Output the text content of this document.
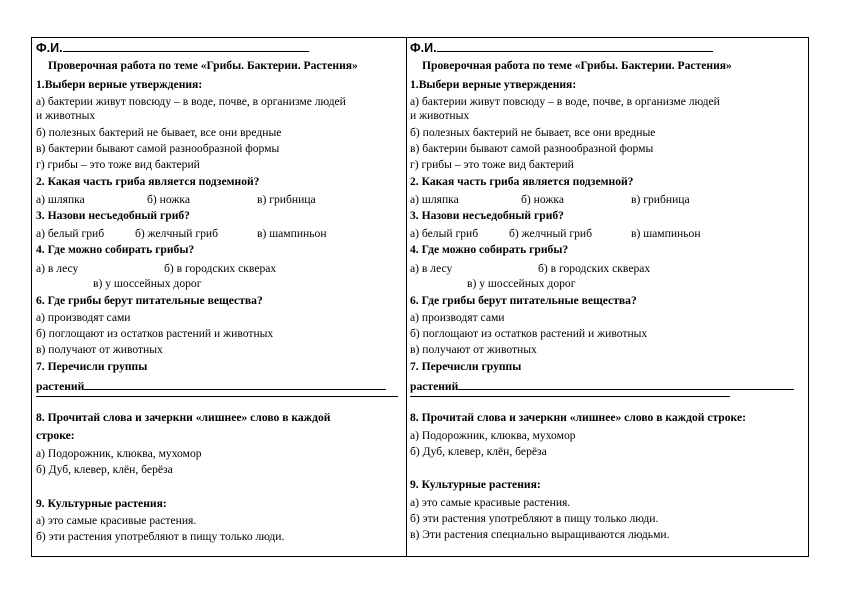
Ф.И.
Проверочная работа по теме «Грибы. Бактерии. Растения»
1.Выбери верные утверждения:
а) бактерии живут повсюду – в воде, почве, в организме людей
и животных
б) полезных бактерий не бывает, все они вредные
в) бактерии бывают самой разнообразной формы
г) грибы – это тоже вид бактерий
2. Какая часть гриба является подземной?
а) шляпка	б) ножка	в) грибница
3. Назови несъедобный гриб?
а) белый гриб	б) желчный гриб	в) шампиньон
4. Где можно собирать грибы?
а) в лесу	б) в городских скверах
в) у шоссейных дорог
6. Где грибы берут питательные вещества?
а) производят сами
б) поглощают из остатков растений и животных
в) получают от животных
7. Перечисли группы
растений
8. Прочитай слова и зачеркни «лишнее» слово в каждой
строке:
а) Подорожник, клюква, мухомор
б) Дуб, клевер, клён, берёза
9. Культурные растения:
а) это самые красивые растения.
б) эти растения употребляют в пищу только люди.
Ф.И.
Проверочная работа по теме «Грибы. Бактерии. Растения»
1.Выбери верные утверждения:
а) бактерии живут повсюду – в воде, почве, в организме людей
и животных
б) полезных бактерий не бывает, все они вредные
в) бактерии бывают самой разнообразной формы
г) грибы – это тоже вид бактерий
2. Какая часть гриба является подземной?
а) шляпка	б) ножка	в) грибница
3. Назови несъедобный гриб?
а) белый гриб	б) желчный гриб	в) шампиньон
4. Где можно собирать грибы?
а) в лесу	б) в городских скверах
в) у шоссейных дорог
6. Где грибы берут питательные вещества?
а) производят сами
б) поглощают из остатков растений и животных
в) получают от животных
7. Перечисли группы
растений
8. Прочитай слова и зачеркни «лишнее» слово в каждой строке:
а) Подорожник, клюква, мухомор
б) Дуб, клевер, клён, берёза
9. Культурные растения:
а) это самые красивые растения.
б) эти растения употребляют в пищу только люди.
в) Эти растения специально выращиваются людьми.
